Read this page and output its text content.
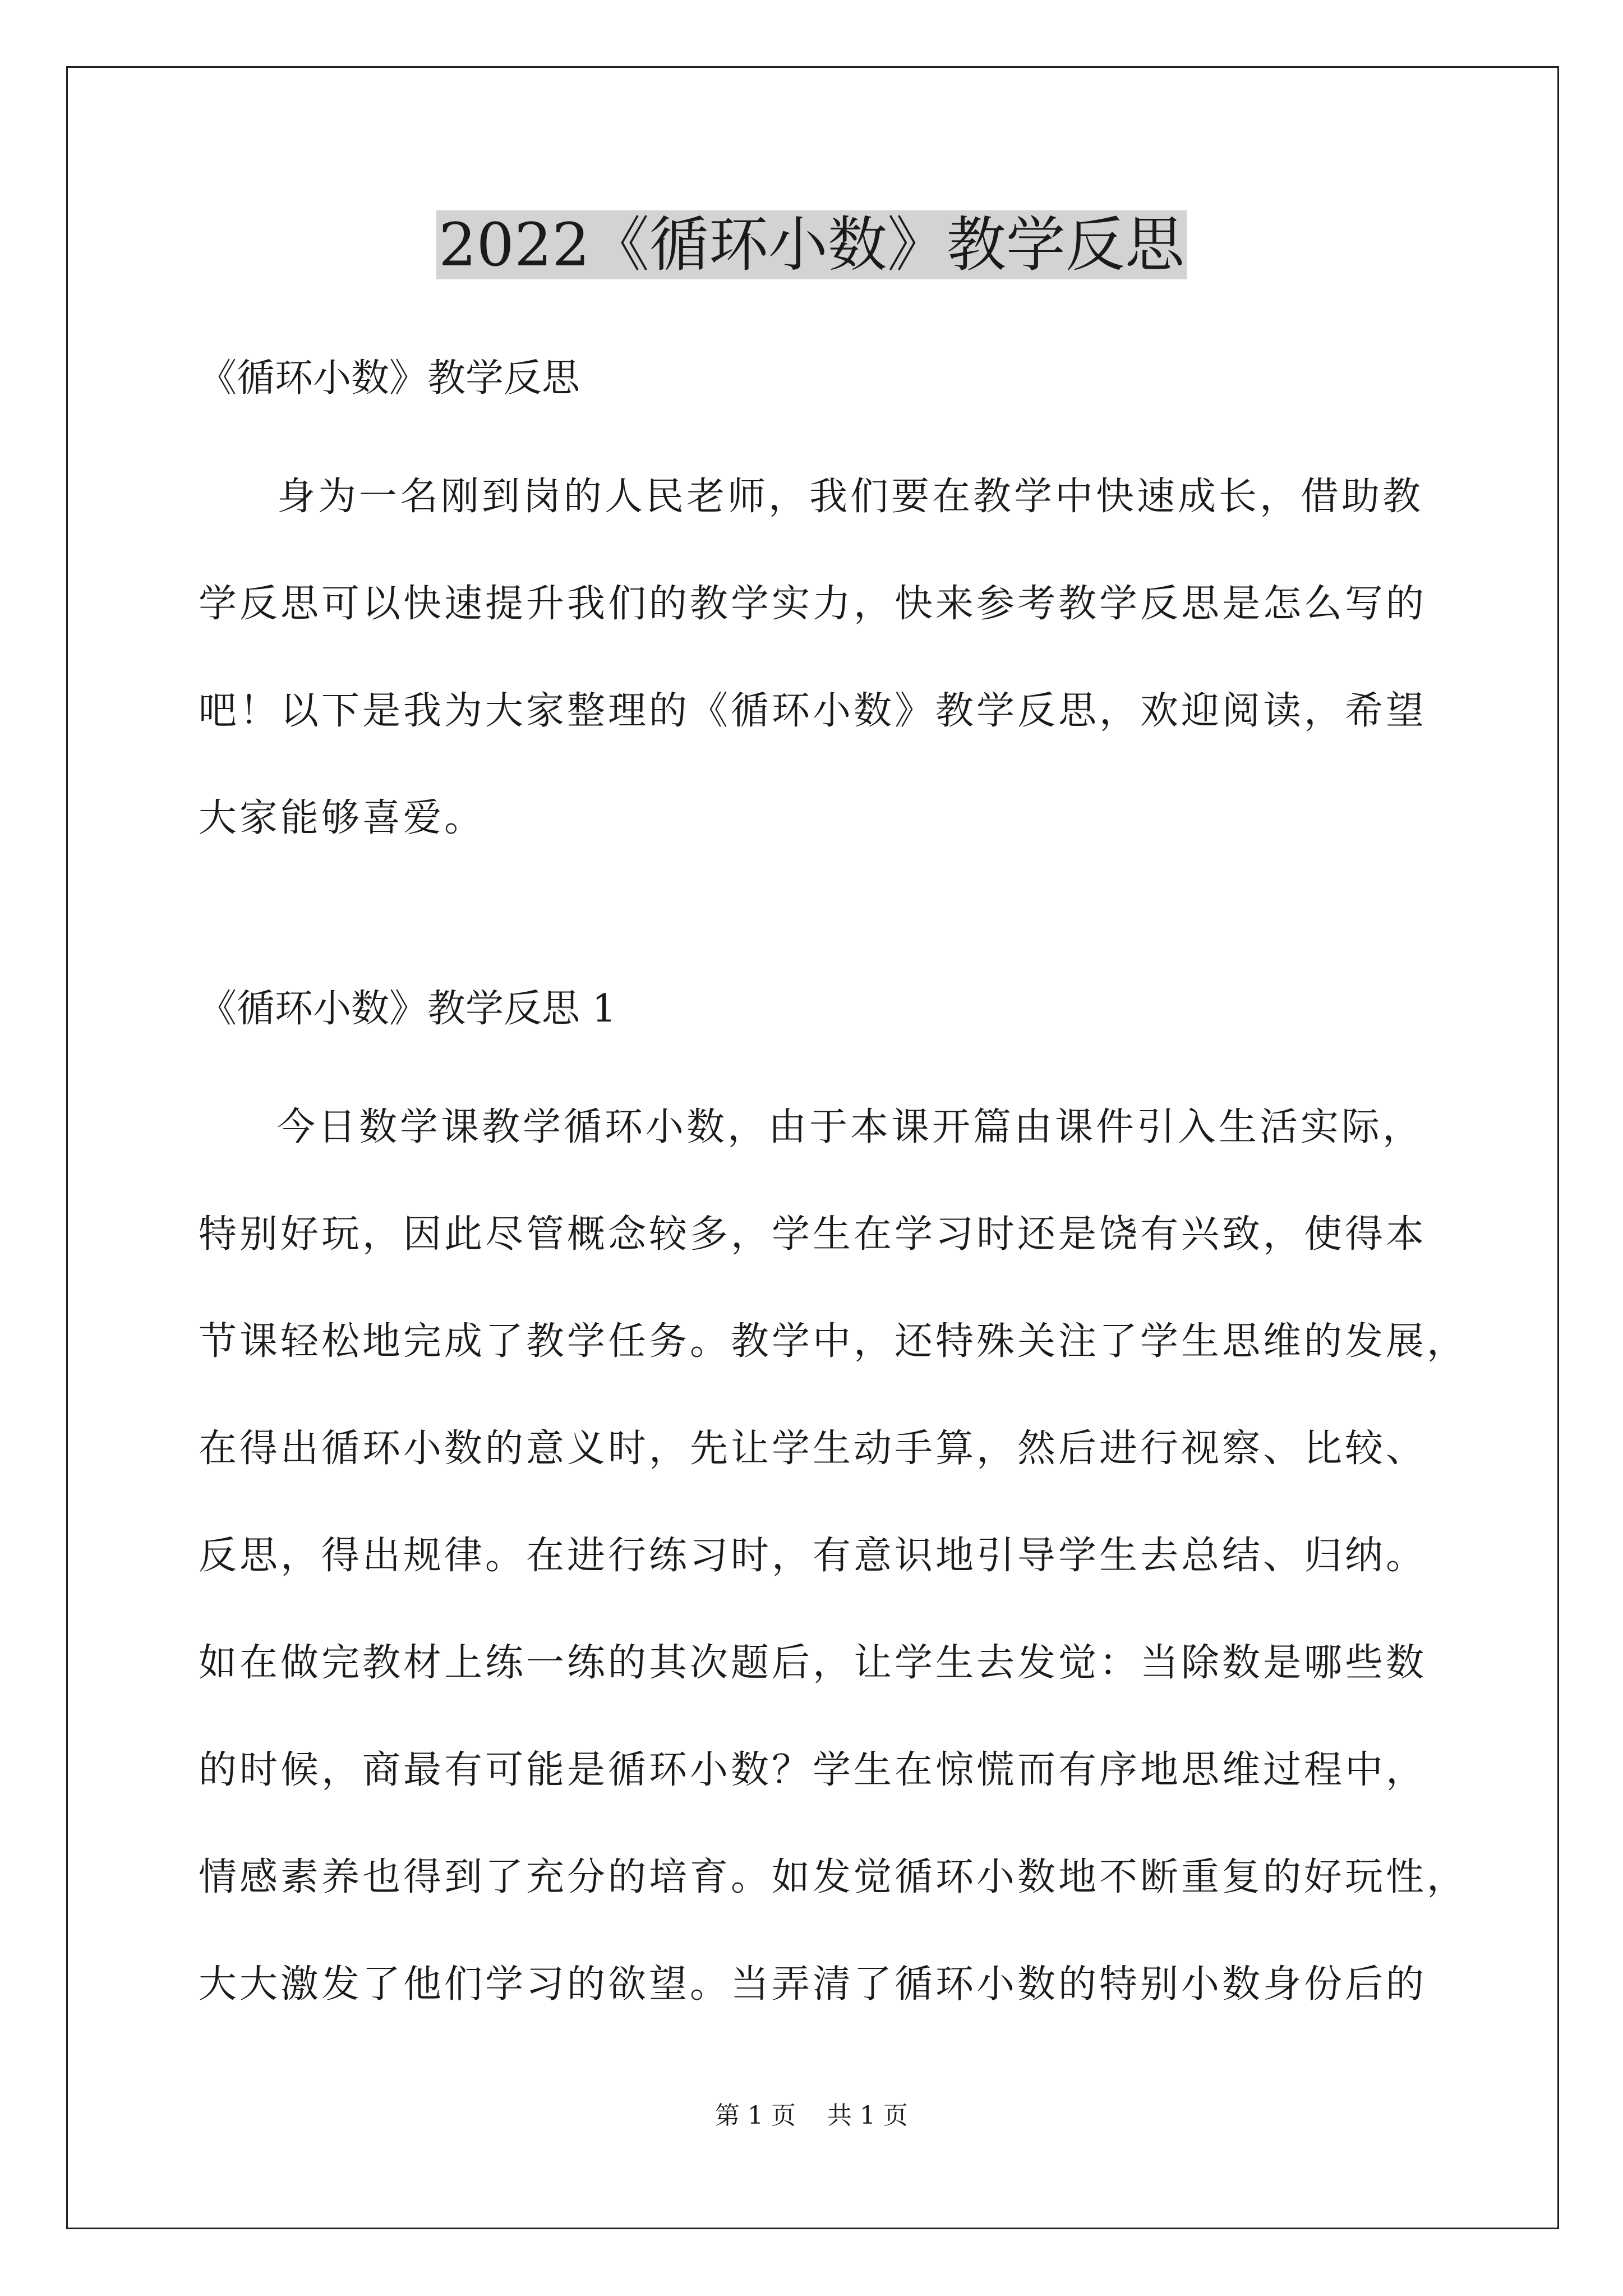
2022《循环小数》教学反思

《循环小数》教学反思

身为一名刚到岗的人民老师，我们要在教学中快速成长，借助教
学反思可以快速提升我们的教学实力，快来参考教学反思是怎么写的
吧！以下是我为大家整理的《循环小数》教学反思，欢迎阅读，希望
大家能够喜爱。

《循环小数》教学反思 1

今日数学课教学循环小数，由于本课开篇由课件引入生活实际，
特别好玩，因此尽管概念较多，学生在学习时还是饶有兴致，使得本
节课轻松地完成了教学任务。教学中，还特殊关注了学生思维的发展，
在得出循环小数的意义时，先让学生动手算，然后进行视察、比较、
反思，得出规律。在进行练习时，有意识地引导学生去总结、归纳。
如在做完教材上练一练的其次题后，让学生去发觉：当除数是哪些数
的时候，商最有可能是循环小数？学生在惊慌而有序地思维过程中，
情感素养也得到了充分的培育。如发觉循环小数地不断重复的好玩性，
大大激发了他们学习的欲望。当弄清了循环小数的特别小数身份后的

第 1 页    共 1 页
